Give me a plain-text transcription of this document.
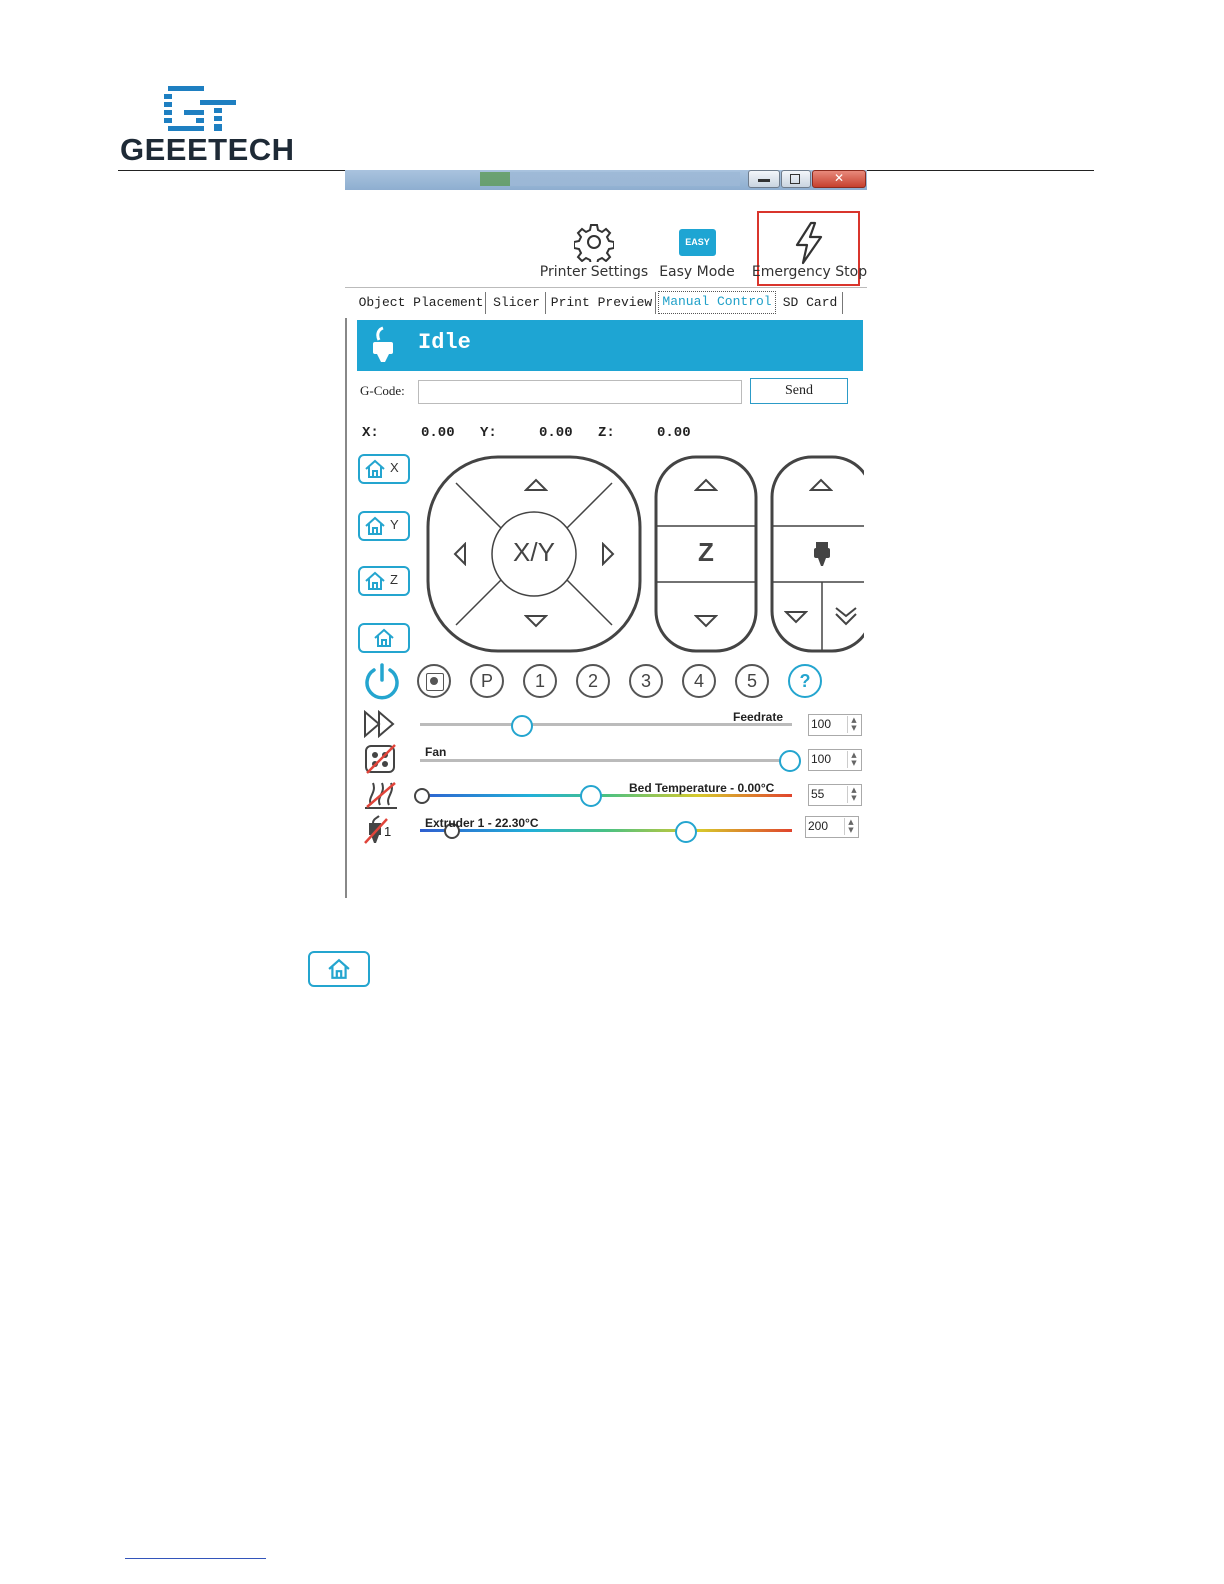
GEEETECH
✕
Printer Settings
EASY
Easy Mode	Emergency Stop
Object Placement Slicer Print Preview Manual Control SD Card
Idle
G-Code:	Send
X:	0.00 Y:	0.00 Z:	0.00
X
Y
Z
X/Y	Z
P	1	2	3	4	5	?
Feedrate 100	▲
▼
Fan	100	▲
▼
Bed Temperature - 0.00°C	55	▲
▼
1
Extruder 1 - 22.30°C	200	▲
▼
